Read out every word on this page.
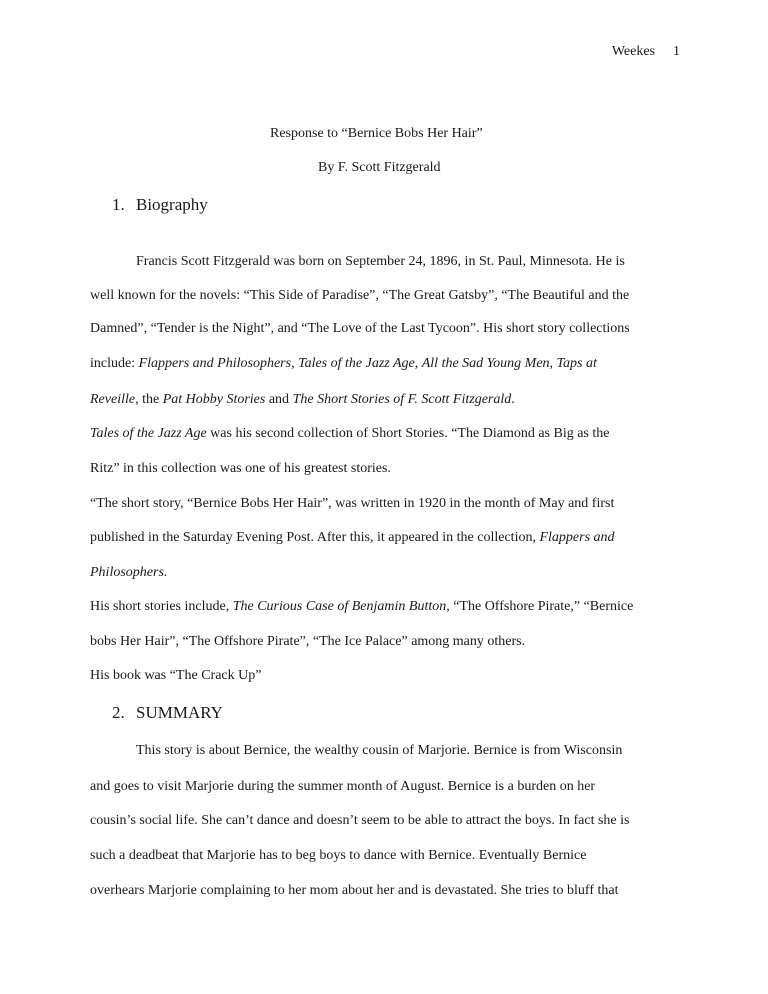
Weekes 1
Response to “Bernice Bobs Her Hair”
By F. Scott Fitzgerald
1. Biography
Francis Scott Fitzgerald was born on September 24, 1896, in St. Paul, Minnesota. He is
well known for the novels: “This Side of Paradise”, “The Great Gatsby”, “The Beautiful and the
Damned”, “Tender is the Night”, and “The Love of the Last Tycoon”. His short story collections
include: Flappers and Philosophers, Tales of the Jazz Age, All the Sad Young Men, Taps at
Reveille, the Pat Hobby Stories and The Short Stories of F. Scott Fitzgerald.
Tales of the Jazz Age was his second collection of Short Stories. “The Diamond as Big as the
Ritz” in this collection was one of his greatest stories.
“The short story, “Bernice Bobs Her Hair”, was written in 1920 in the month of May and first
published in the Saturday Evening Post. After this, it appeared in the collection, Flappers and
Philosophers.
His short stories include, The Curious Case of Benjamin Button, “The Offshore Pirate,” “Bernice
bobs Her Hair”, “The Offshore Pirate”, “The Ice Palace” among many others.
His book was “The Crack Up”
2. SUMMARY
This story is about Bernice, the wealthy cousin of Marjorie. Bernice is from Wisconsin
and goes to visit Marjorie during the summer month of August. Bernice is a burden on her
cousin’s social life. She can’t dance and doesn’t seem to be able to attract the boys. In fact she is
such a deadbeat that Marjorie has to beg boys to dance with Bernice. Eventually Bernice
overhears Marjorie complaining to her mom about her and is devastated. She tries to bluff that
